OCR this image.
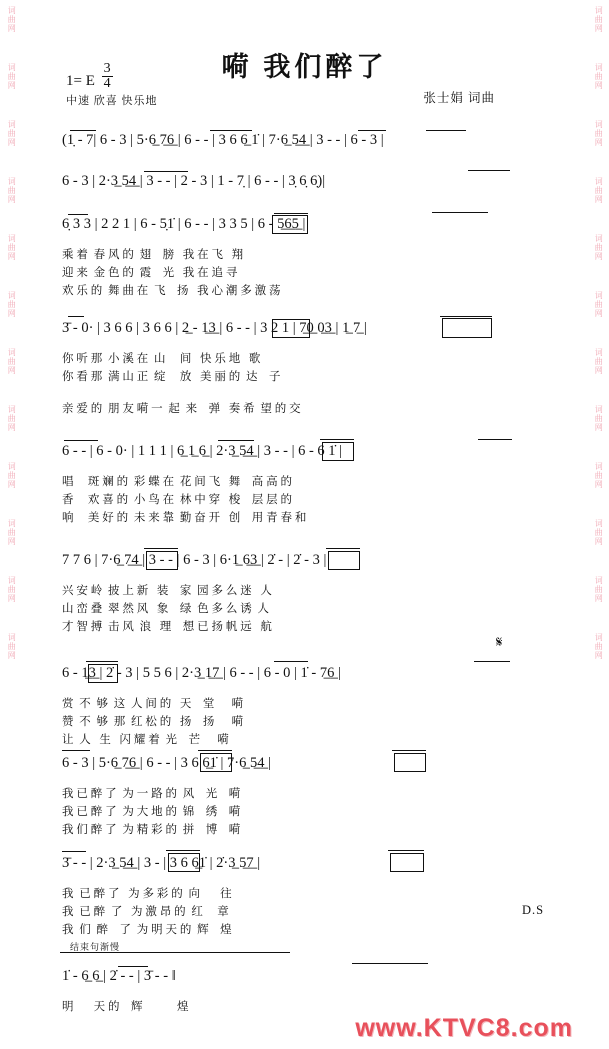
词曲网
词曲网
词曲网
词曲网
词曲网
词曲网
词曲网
词曲网
词曲网
词曲网
词曲网
词曲网
词曲网
词曲网
词曲网
词曲网
词曲网
词曲网
词曲网
词曲网
词曲网
词曲网
词曲网
词曲网
嗬 我们醉了
1= E $\frac{3}{4}$
中速 欣喜 快乐地	张士娟 词曲
(1̣ - 7| 6 - 3 | 5·6̲ 7̲6̲ | 6 - - | 3 6 6̲ 1̇ | 7·6̲ 5̲4̲ | 3 - - | 6 - 3 |
6 - 3 | 2·3̲ 5̲4̲ | 3 - - | 2 - 3 | 1 - 7̣ | 6 - - | 3̣ 6̣ 6̣)|
6̣ 3 3 | 2 2 1 | 6 - 5̣1̇ | 6 - - | 3 3 5 | 6 - 5̲6̲5̲ |
乘 着  春 风 的  翅    膀   我 在 飞   翔
迎 来  金 色 的  霞    光   我 在 追 寻
欢 乐 的  舞 曲 在  飞    扬   我 心 潮 多 激 荡
3̄ - 0· | 3 6 6 | 3 6 6 | 2̲ - 1̲3̲ | 6 - - | 3 2 1 | 7̲0̲ 0̲3̲ | 1̲ 7̲ |
你 听 那  小 溪 在  山     间   快 乐 地   歌
你 看 那  满 山 正  绽     放   美 丽 的  达    子
亲 爱 的  朋 友 嗬 一  起  来    弹   奏 希  望 的 交
6 - - | 6 - 0· | 1 1 1 | 6̲ 1̲ 6̲ | 2·3̲ 5̲4̲ | 3 - - | 6 - 6 1̇ |
唱     斑 斓 的  彩 蝶 在  花 间 飞   舞    高 高 的
香     欢 喜 的  小 鸟 在  林 中 穿   梭    层 层 的
响     美 好 的  未 来 靠  勤 奋 开   创    用 青 春 和
7 7 6 | 7·6̲ 7̲4̲ | 3 - - | 6 - 3 | 6·1̲ 6̲3̲ | 2̇ - | 2̇ - 3 |
兴 安 岭  披 上 新   装    家  园 多 么 迷   人
山 峦 叠  翠 然 风   象    绿  色 多 么 诱  人
才 智 搏  击 风  浪   理    想 已 扬 帆 远   航
𝄋
6 - 1̲3̲ | 2̇ - 3 | 5 5 6 | 2·3̲ 1̲7̲ | 6 - - | 6 - 0 | 1̇ - 7̲6̲ |
赏  不  够  这  人 间 的   天    堂      嗬
赞  不  够  那  红 松 的   扬    扬      嗬
让  人   生   闪 耀 着  光    芒      嗬
6 - 3 | 5·6̲ 7̲6̲ | 6 - - | 3 6 6̲1̇ | 7·6̲ 5̲4̲ |
我 已 醉 了  为 一 路 的  风    光    嗬
我 已 醉 了  为 大 地 的  锦    绣    嗬
我 们 醉 了  为 精 彩 的  拼    博    嗬
3̄ - - | 2·3̲ 5̲4̲ | 3 - | 3 6 6̲1̇ | 2̇·3̲ 5̲7̲ |
我  已 醉 了   为 多 彩 的  向       往
我  已 醉  了   为 激 昂 的  红     章
我  们  醉    了  为 明 天 的  辉    煌
D.S
结束句渐慢
1̇ - 6̲ 6̲ | 2̇ - - | 3̄ - - ‖
明       天 的    辉            煌
www.KTVC8.com
